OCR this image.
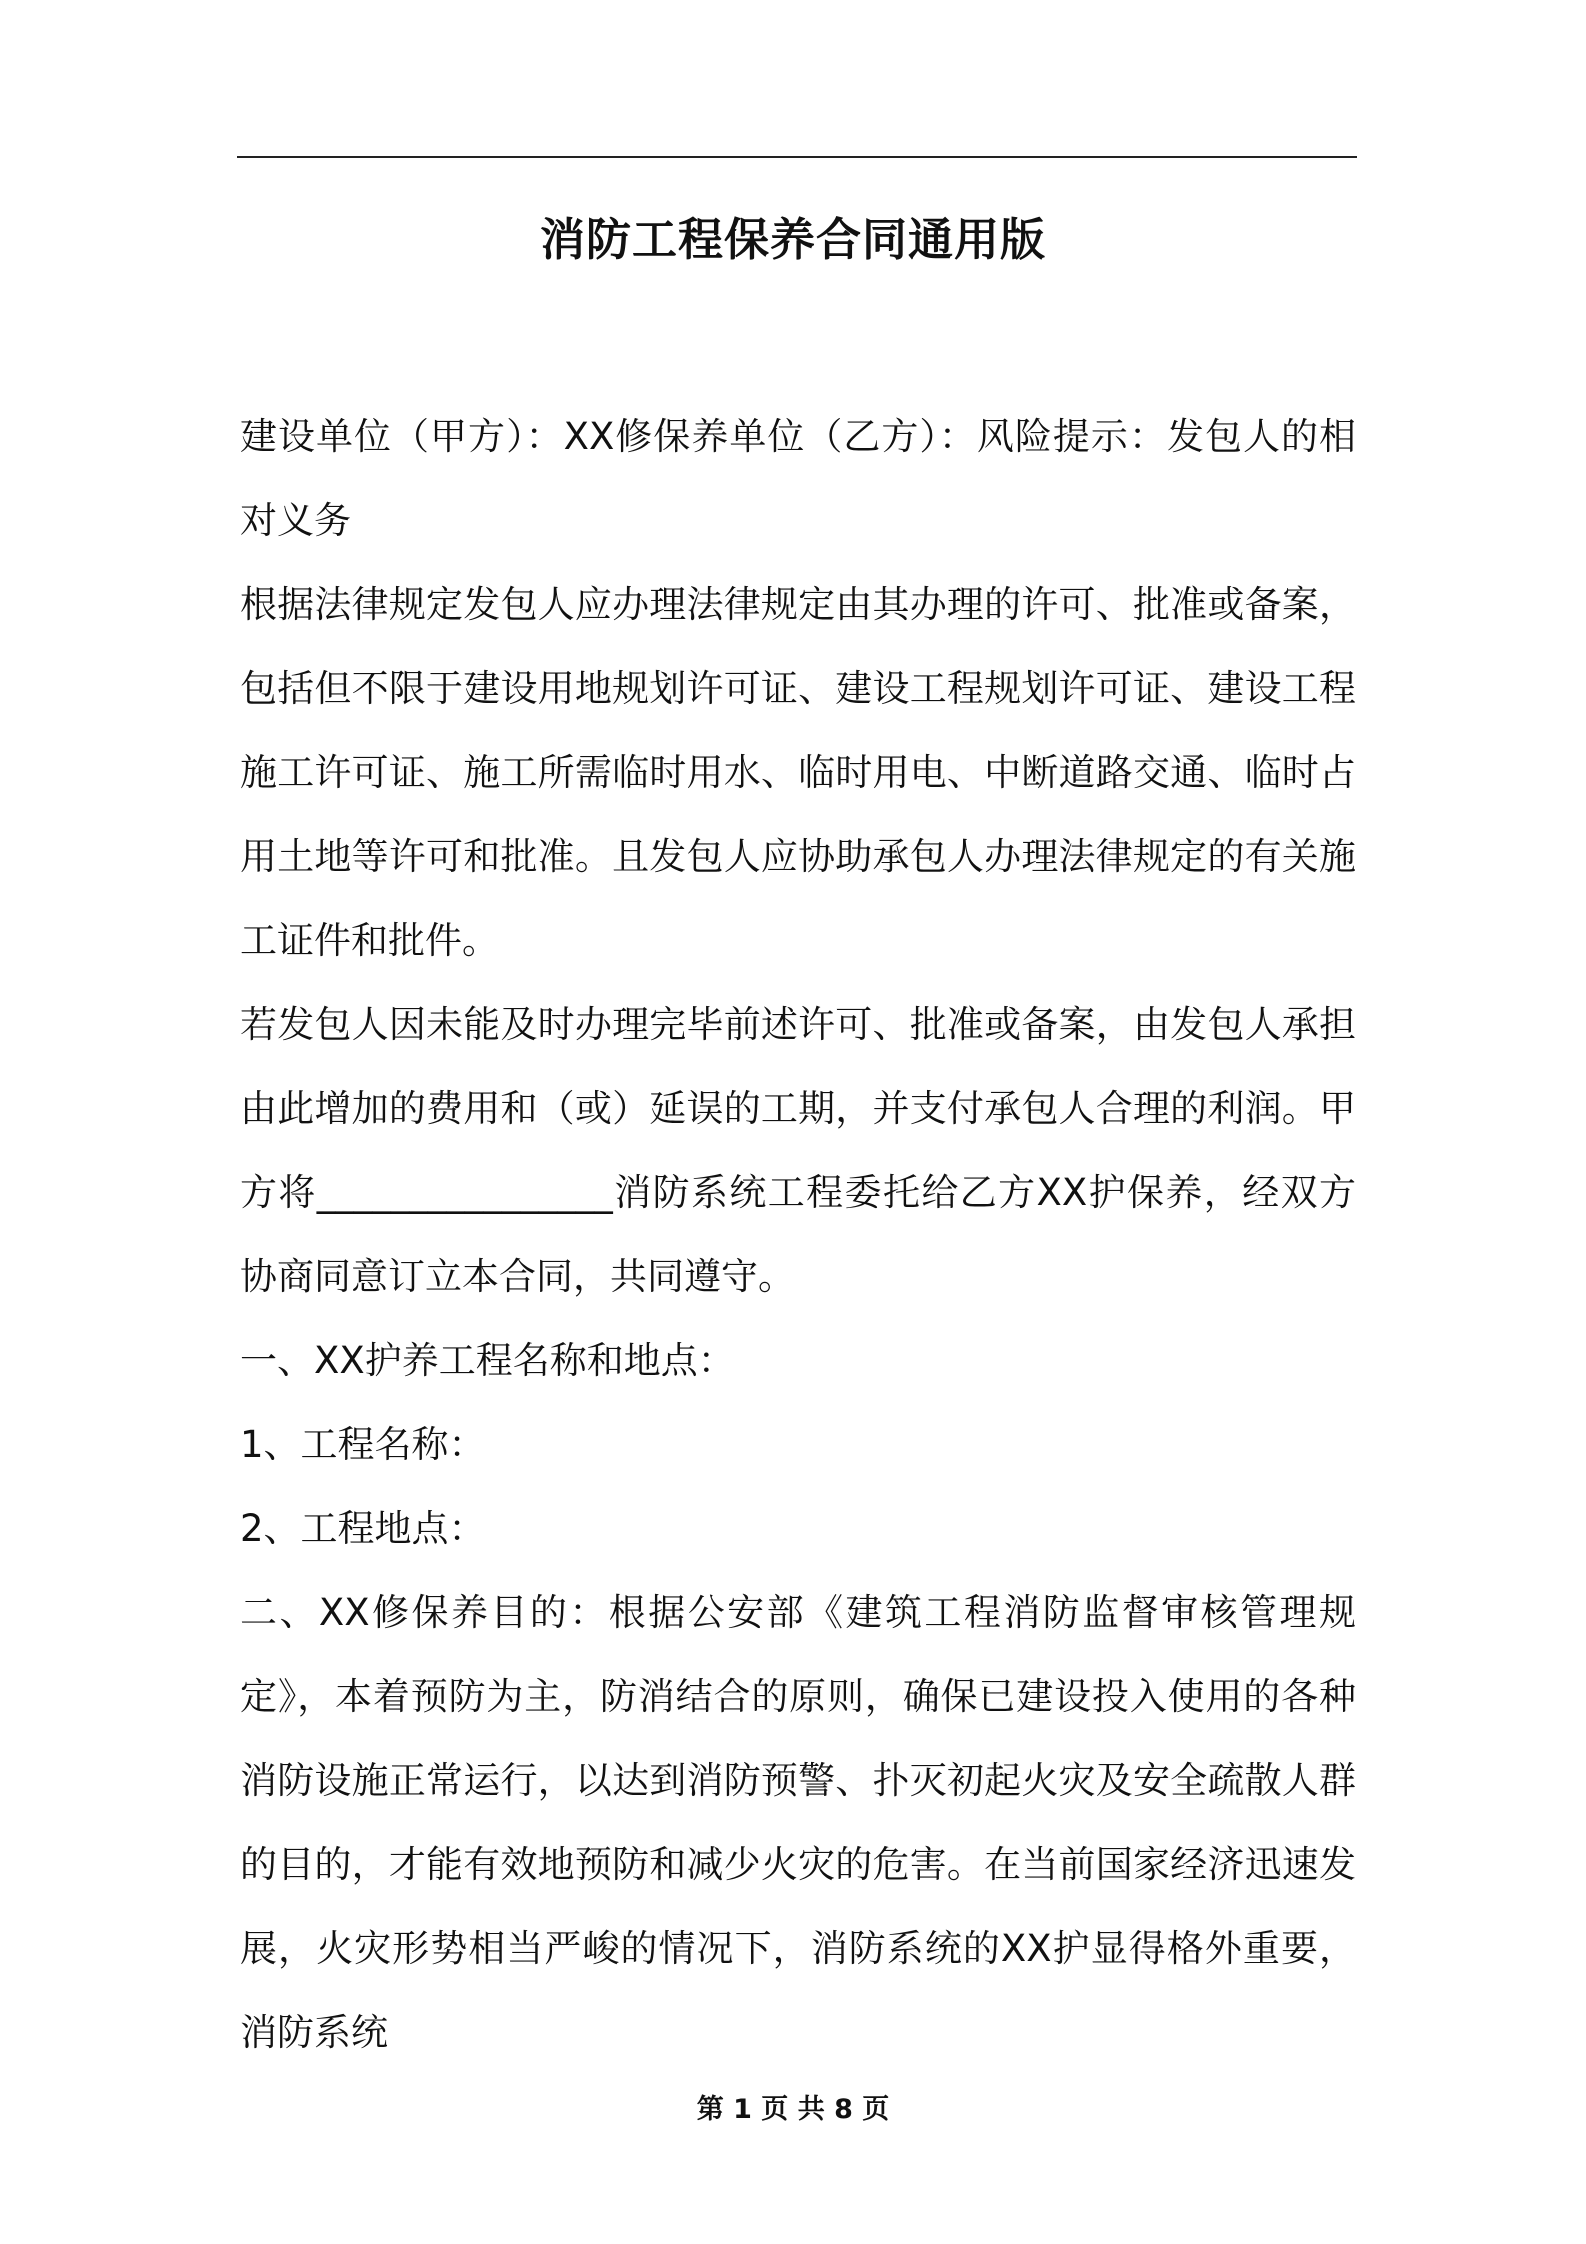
消防工程保养合同通用版

建设单位（甲方）：XX修保养单位（乙方）：风险提示：发包人的相对义务

根据法律规定发包人应办理法律规定由其办理的许可、批准或备案，包括但不限于建设用地规划许可证、建设工程规划许可证、建设工程施工许可证、施工所需临时用水、临时用电、中断道路交通、临时占用土地等许可和批准。且发包人应协助承包人办理法律规定的有关施工证件和批件。

若发包人因未能及时办理完毕前述许可、批准或备案，由发包人承担由此增加的费用和（或）延误的工期，并支付承包人合理的利润。甲方将________________消防系统工程委托给乙方XX护保养，经双方协商同意订立本合同，共同遵守。

一、XX护养工程名称和地点：

1、工程名称：

2、工程地点：

二、XX修保养目的：根据公安部《建筑工程消防监督审核管理规定》，本着预防为主，防消结合的原则，确保已建设投入使用的各种消防设施正常运行，以达到消防预警、扑灭初起火灾及安全疏散人群的目的，才能有效地预防和减少火灾的危害。在当前国家经济迅速发展，火灾形势相当严峻的情况下，消防系统的XX护显得格外重要，消防系统

第 1 页 共 8 页
